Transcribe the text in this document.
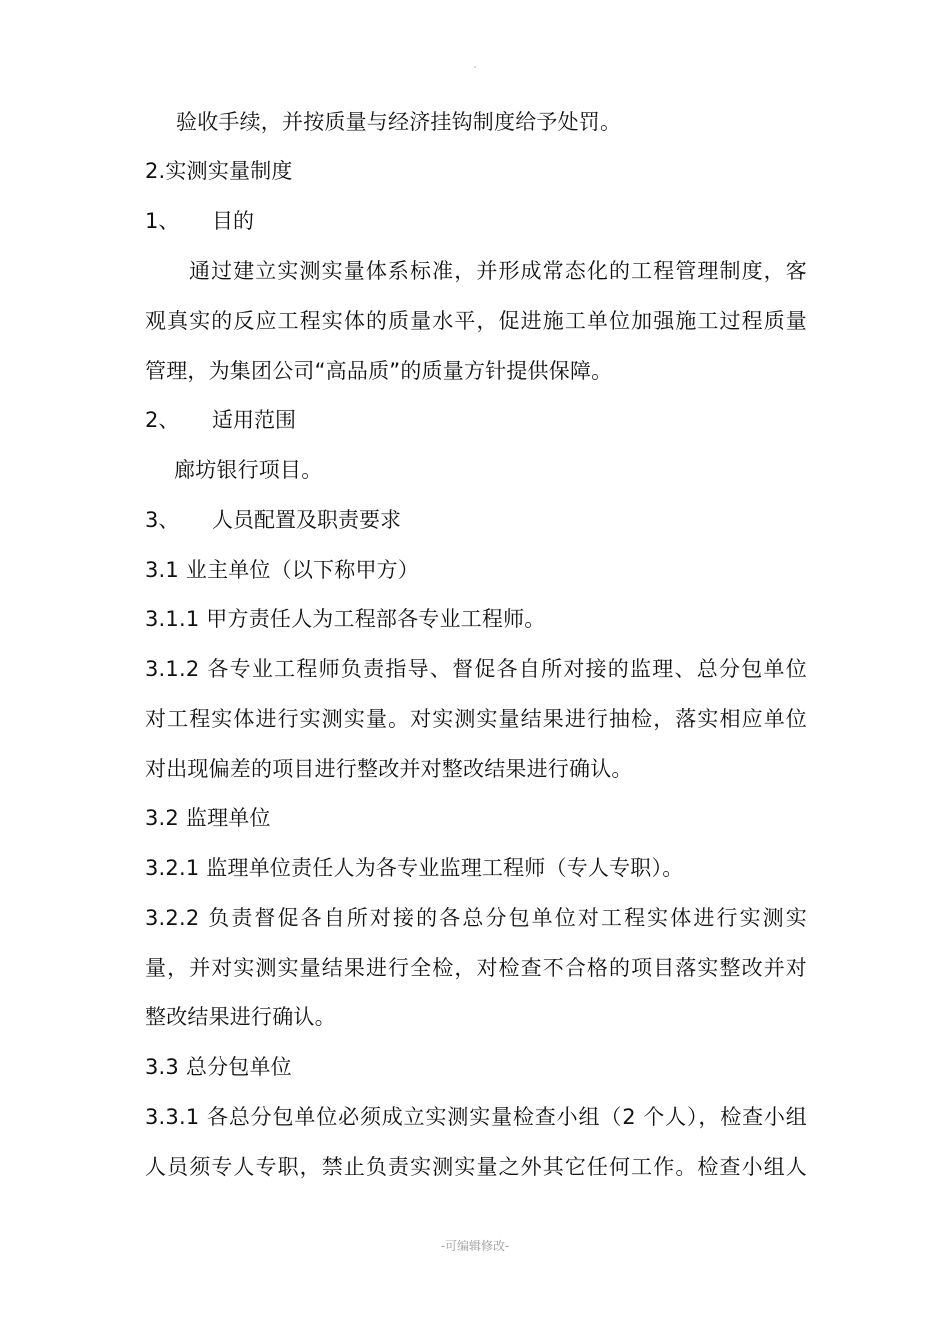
验收手续，并按质量与经济挂钩制度给予处罚。
2.实测实量制度
1、 目的
通过建立实测实量体系标准，并形成常态化的工程管理制度，客
观真实的反应工程实体的质量水平，促进施工单位加强施工过程质量
管理，为集团公司“高品质”的质量方针提供保障。
2、 适用范围
廊坊银行项目。
3、 人员配置及职责要求
3.1 业主单位（以下称甲方）
3.1.1 甲方责任人为工程部各专业工程师。
3.1.2 各专业工程师负责指导、督促各自所对接的监理、总分包单位
对工程实体进行实测实量。对实测实量结果进行抽检，落实相应单位
对出现偏差的项目进行整改并对整改结果进行确认。
3.2 监理单位
3.2.1 监理单位责任人为各专业监理工程师（专人专职）。
3.2.2 负责督促各自所对接的各总分包单位对工程实体进行实测实
量，并对实测实量结果进行全检，对检查不合格的项目落实整改并对
整改结果进行确认。
3.3 总分包单位
3.3.1 各总分包单位必须成立实测实量检查小组（2 个人），检查小组
人员须专人专职，禁止负责实测实量之外其它任何工作。检查小组人
-可编辑修改-
